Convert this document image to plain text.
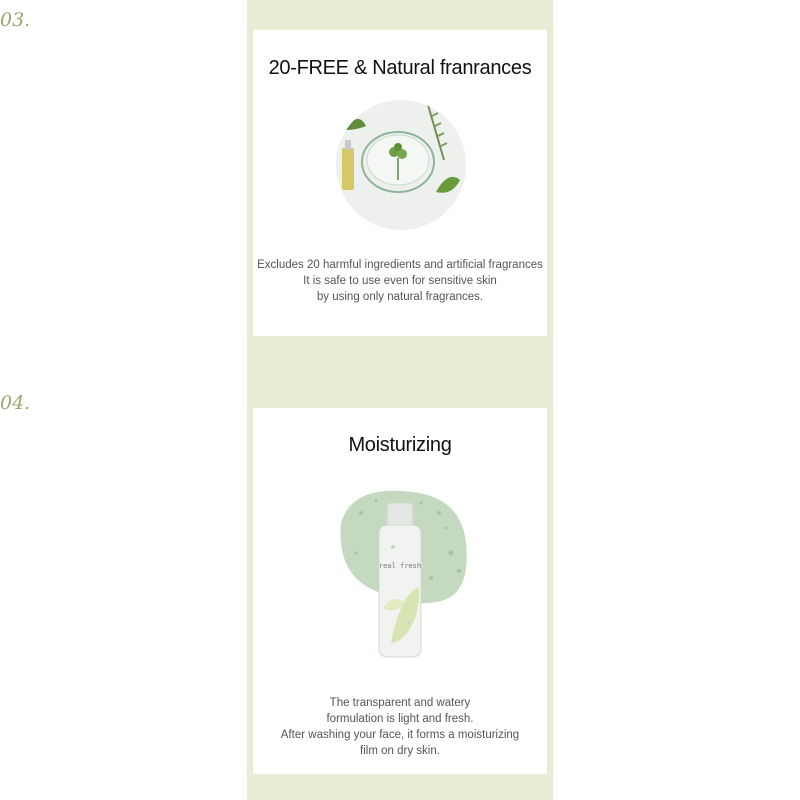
03.
20-FREE & Natural franrances
Excludes 20 harmful ingredients and artificial fragrances
It is safe to use even for sensitive skin
by using only natural fragrances.
04.
Moisturizing
real fresh
The transparent and watery
formulation is light and fresh.
After washing your face, it forms a moisturizing
film on dry skin.
